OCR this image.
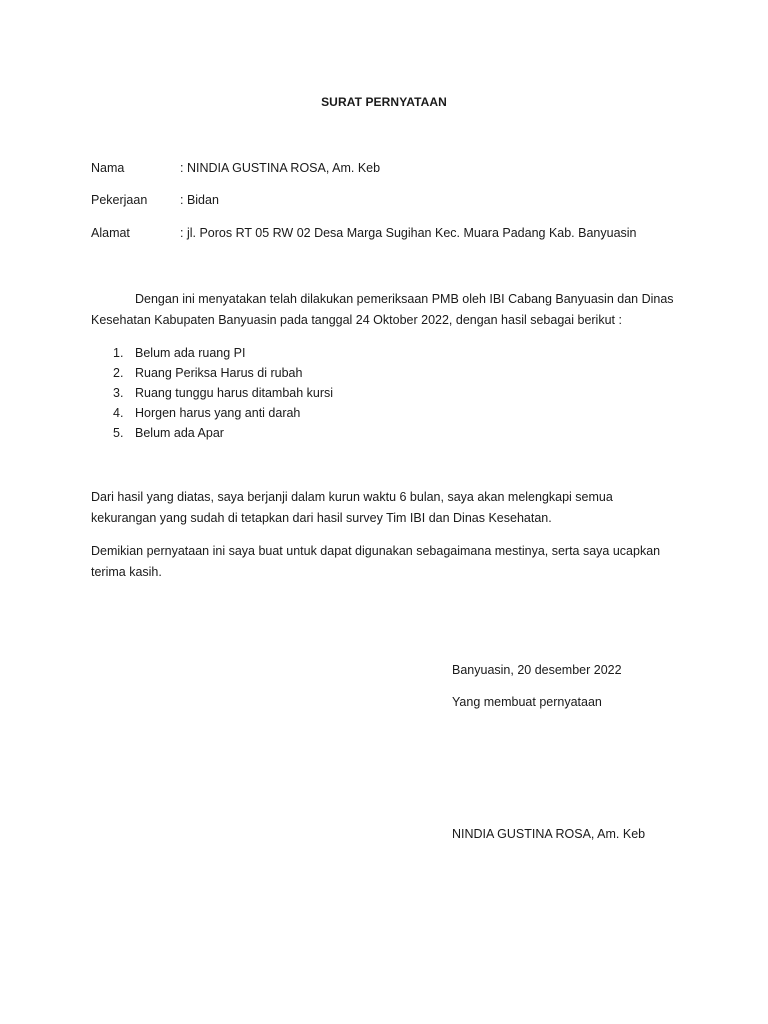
SURAT PERNYATAAN
Nama	: NINDIA GUSTINA ROSA, Am. Keb
Pekerjaan	: Bidan
Alamat	: jl. Poros RT 05 RW 02 Desa Marga Sugihan Kec. Muara Padang Kab. Banyuasin
Dengan ini menyatakan telah dilakukan pemeriksaan PMB oleh IBI Cabang Banyuasin dan Dinas Kesehatan Kabupaten Banyuasin pada tanggal 24 Oktober 2022, dengan hasil sebagai berikut :
1. Belum ada ruang PI
2. Ruang Periksa Harus di rubah
3. Ruang tunggu harus ditambah kursi
4. Horgen harus yang anti darah
5. Belum ada Apar
Dari hasil yang diatas, saya berjanji dalam kurun waktu 6 bulan, saya akan melengkapi semua kekurangan yang sudah di tetapkan dari hasil survey Tim IBI dan Dinas Kesehatan.
Demikian pernyataan ini saya buat untuk dapat digunakan sebagaimana mestinya, serta saya ucapkan terima kasih.
Banyuasin, 20 desember 2022
Yang membuat pernyataan
NINDIA GUSTINA ROSA, Am. Keb
